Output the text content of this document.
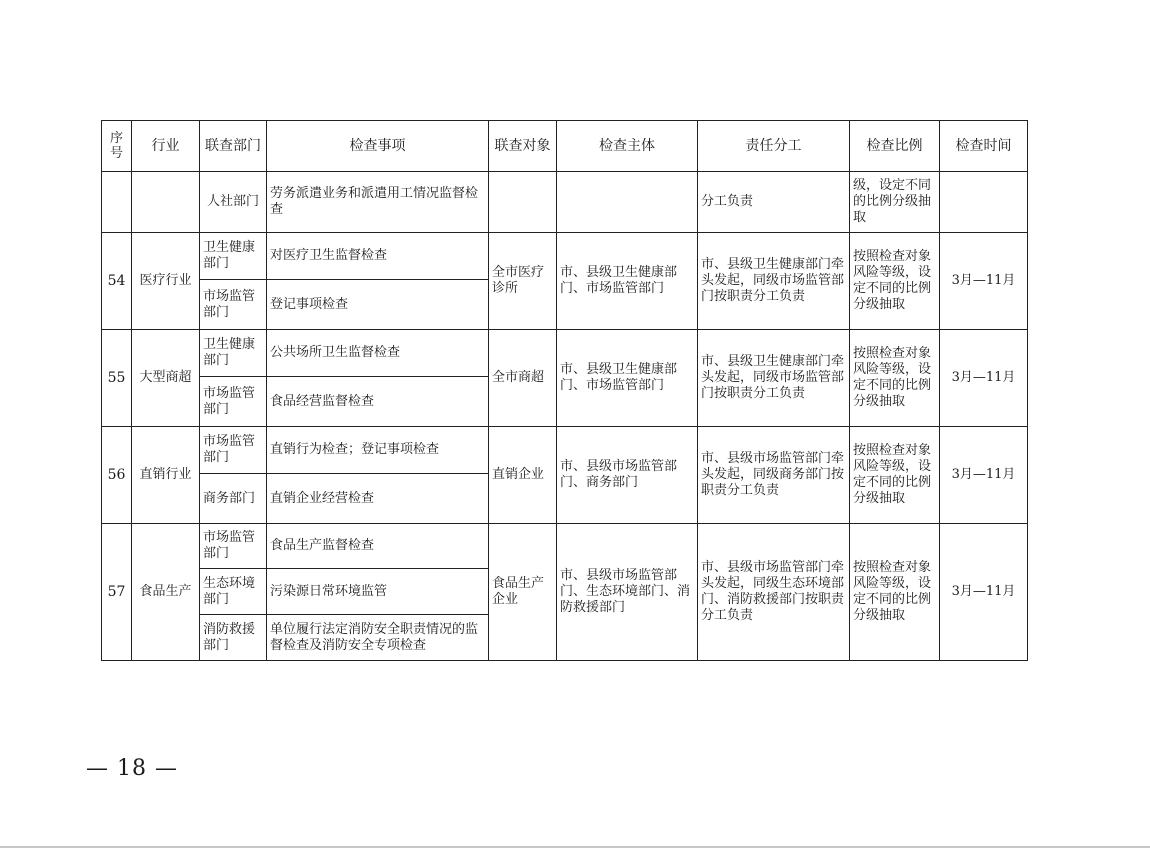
序号	行业	联查部门	检查事项	联查对象	检查主体	责任分工	检查比例	检查时间
		人社部门	劳务派遣业务和派遣用工情况监督检查			分工负责	级，设定不同的比例分级抽取	
54	医疗行业	卫生健康部门	对医疗卫生监督检查	全市医疗诊所	市、县级卫生健康部门、市场监管部门	市、县级卫生健康部门牵头发起，同级市场监管部门按职责分工负责	按照检查对象风险等级，设定不同的比例分级抽取	3月—11月
		市场监管部门	登记事项检查					
55	大型商超	卫生健康部门	公共场所卫生监督检查	全市商超	市、县级卫生健康部门、市场监管部门	市、县级卫生健康部门牵头发起，同级市场监管部门按职责分工负责	按照检查对象风险等级，设定不同的比例分级抽取	3月—11月
		市场监管部门	食品经营监督检查					
56	直销行业	市场监管部门	直销行为检查；登记事项检查	直销企业	市、县级市场监管部门、商务部门	市、县级市场监管部门牵头发起，同级商务部门按职责分工负责	按照检查对象风险等级，设定不同的比例分级抽取	3月—11月
		商务部门	直销企业经营检查					
57	食品生产	市场监管部门	食品生产监督检查	食品生产企业	市、县级市场监管部门、生态环境部门、消防救援部门	市、县级市场监管部门牵头发起，同级生态环境部门、消防救援部门按职责分工负责	按照检查对象风险等级，设定不同的比例分级抽取	3月—11月
		生态环境部门	污染源日常环境监管					
		消防救援部门	单位履行法定消防安全职责情况的监督检查及消防安全专项检查					
— 18 —
